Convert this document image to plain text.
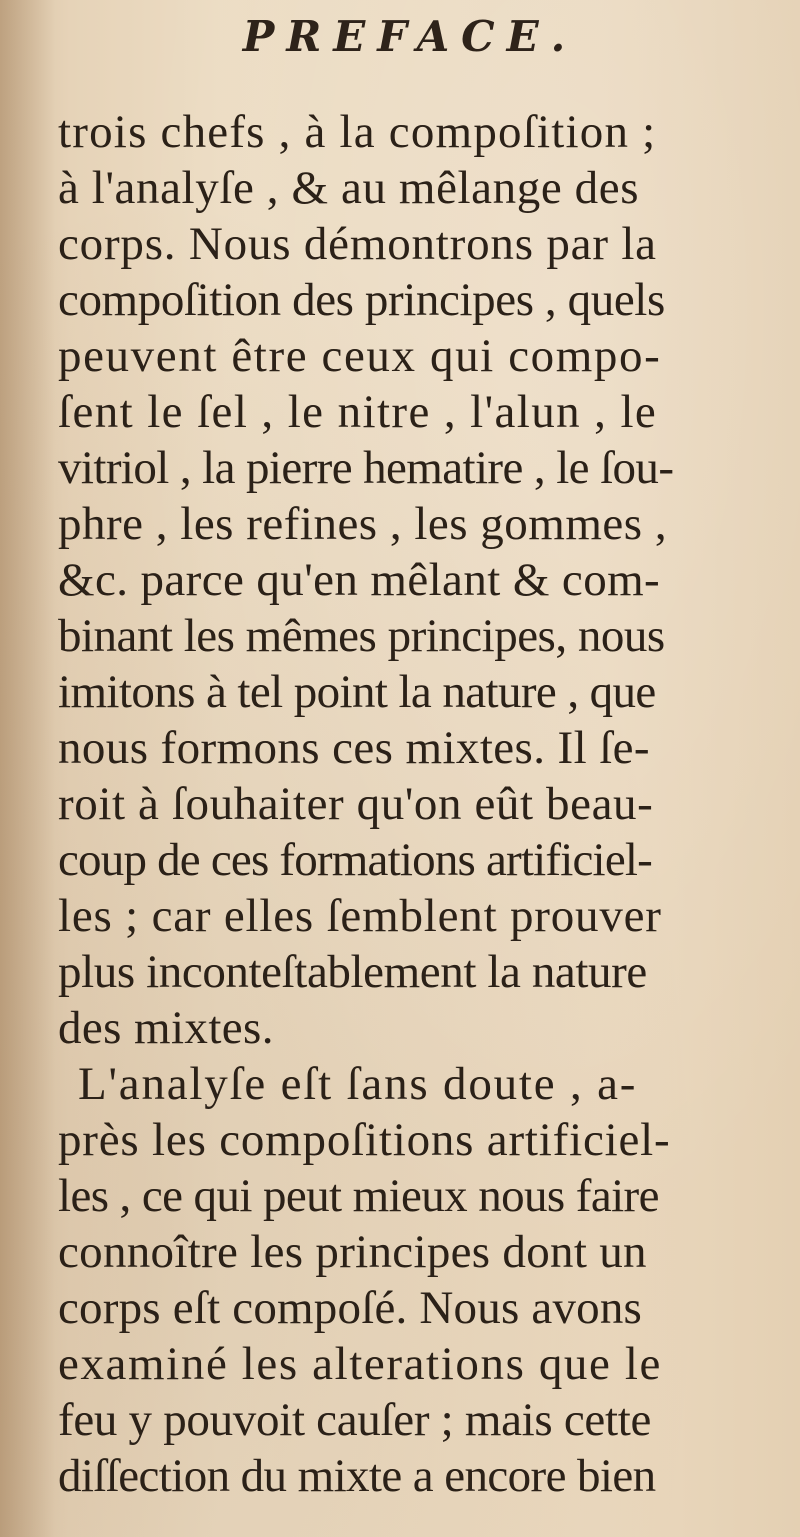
PREFACE.
trois chefs , à la compoſition ;
à l'analyſe , & au mêlange des
corps. Nous démontrons par la
compoſition des principes , quels
peuvent être ceux qui compo-
ſent le ſel , le nitre , l'alun , le
vitriol , la pierre hematire , le ſou-
phre , les refines , les gommes ,
&c. parce qu'en mêlant & com-
binant les mêmes principes, nous
imitons à tel point la nature , que
nous formons ces mixtes. Il ſe-
roit à ſouhaiter qu'on eût beau-
coup de ces formations artificiel-
les ; car elles ſemblent prouver
plus inconteſtablement la nature
des mixtes.
L'analyſe eſt ſans doute , a-
près les compoſitions artificiel-
les , ce qui peut mieux nous faire
connoître les principes dont un
corps eſt compoſé. Nous avons
examiné les alterations que le
feu y pouvoit cauſer ; mais cette
diſſection du mixte a encore bien
